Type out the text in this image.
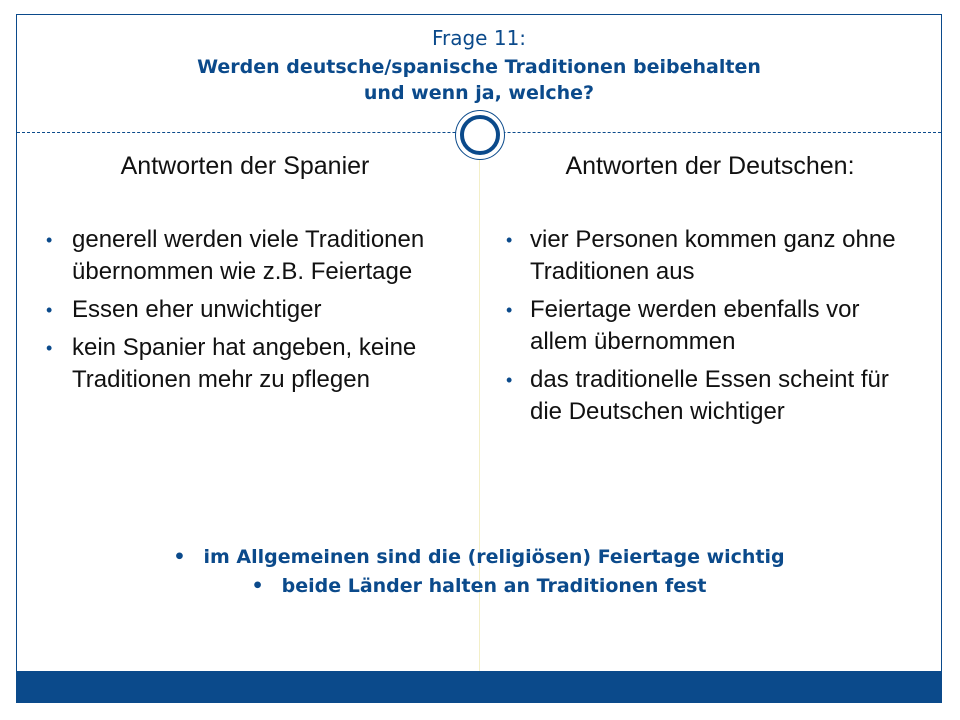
Frage 11:
Werden deutsche/spanische Traditionen beibehalten
und wenn ja, welche?
Antworten der Spanier
• generell werden viele Traditionen übernommen wie z.B. Feiertage
• Essen eher unwichtiger
• kein Spanier hat angeben, keine Traditionen mehr zu pflegen
Antworten der Deutschen:
• vier Personen kommen ganz ohne Traditionen aus
• Feiertage werden ebenfalls vor allem übernommen
• das traditionelle Essen scheint für die Deutschen wichtiger
• im Allgemeinen sind die (religiösen) Feiertage wichtig
• beide Länder halten an Traditionen fest
